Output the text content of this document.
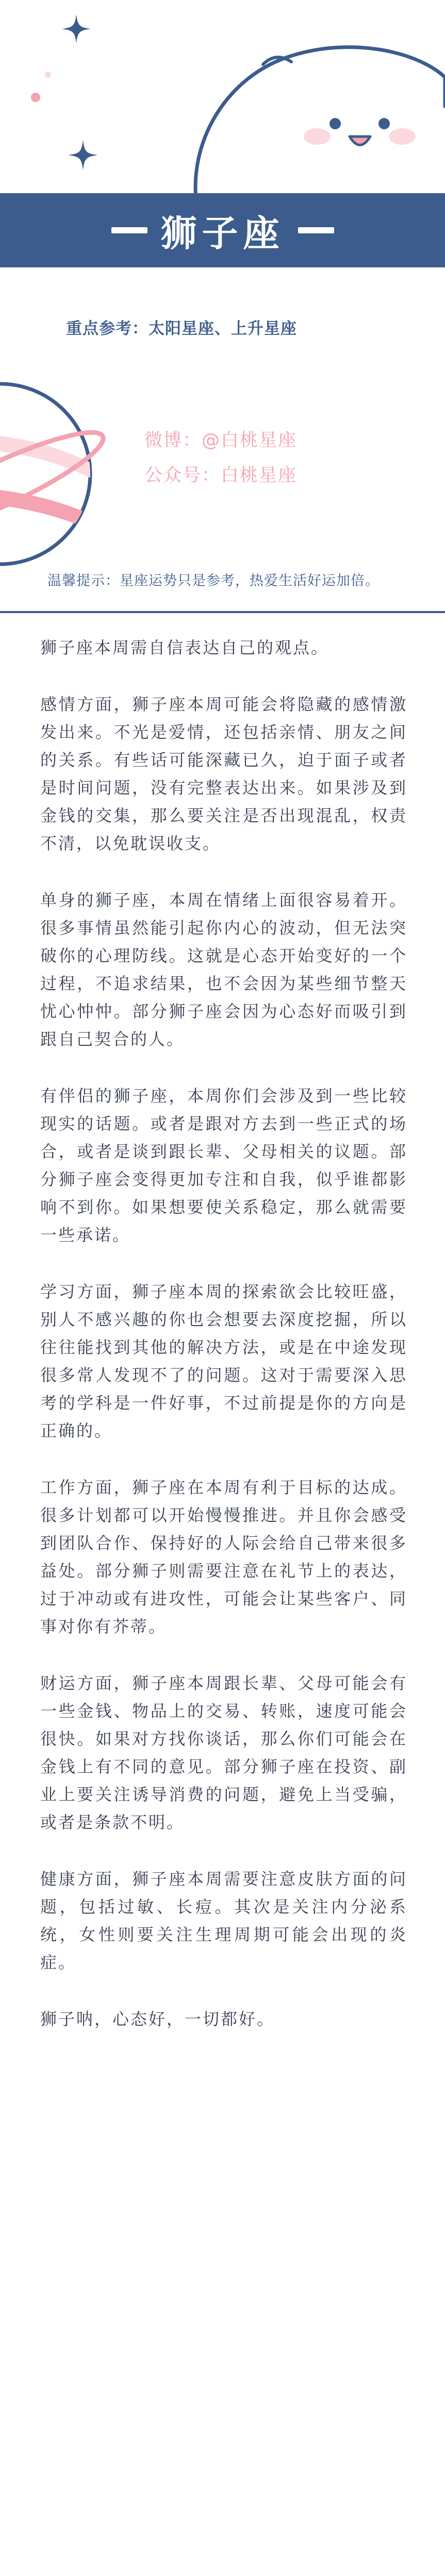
狮子座
重点参考：太阳星座、上升星座
微博：@白桃星座
公众号：白桃星座
温馨提示：星座运势只是参考，热爱生活好运加倍。

狮子座本周需自信表达自己的观点。

感情方面，狮子座本周可能会将隐藏的感情激发出来。不光是爱情，还包括亲情、朋友之间的关系。有些话可能深藏已久，迫于面子或者是时间问题，没有完整表达出来。如果涉及到金钱的交集，那么要关注是否出现混乱，权责不清，以免耽误收支。

单身的狮子座，本周在情绪上面很容易着开。很多事情虽然能引起你内心的波动，但无法突破你的心理防线。这就是心态开始变好的一个过程，不追求结果，也不会因为某些细节整天忧心忡忡。部分狮子座会因为心态好而吸引到跟自己契合的人。

有伴侣的狮子座，本周你们会涉及到一些比较现实的话题。或者是跟对方去到一些正式的场合，或者是谈到跟长辈、父母相关的议题。部分狮子座会变得更加专注和自我，似乎谁都影响不到你。如果想要使关系稳定，那么就需要一些承诺。

学习方面，狮子座本周的探索欲会比较旺盛，别人不感兴趣的你也会想要去深度挖掘，所以往往能找到其他的解决方法，或是在中途发现很多常人发现不了的问题。这对于需要深入思考的学科是一件好事，不过前提是你的方向是正确的。

工作方面，狮子座在本周有利于目标的达成。很多计划都可以开始慢慢推进。并且你会感受到团队合作、保持好的人际会给自己带来很多益处。部分狮子则需要注意在礼节上的表达，过于冲动或有进攻性，可能会让某些客户、同事对你有芥蒂。

财运方面，狮子座本周跟长辈、父母可能会有一些金钱、物品上的交易、转账，速度可能会很快。如果对方找你谈话，那么你们可能会在金钱上有不同的意见。部分狮子座在投资、副业上要关注诱导消费的问题，避免上当受骗，或者是条款不明。

健康方面，狮子座本周需要注意皮肤方面的问题，包括过敏、长痘。其次是关注内分泌系统，女性则要关注生理周期可能会出现的炎症。

狮子呐，心态好，一切都好。
